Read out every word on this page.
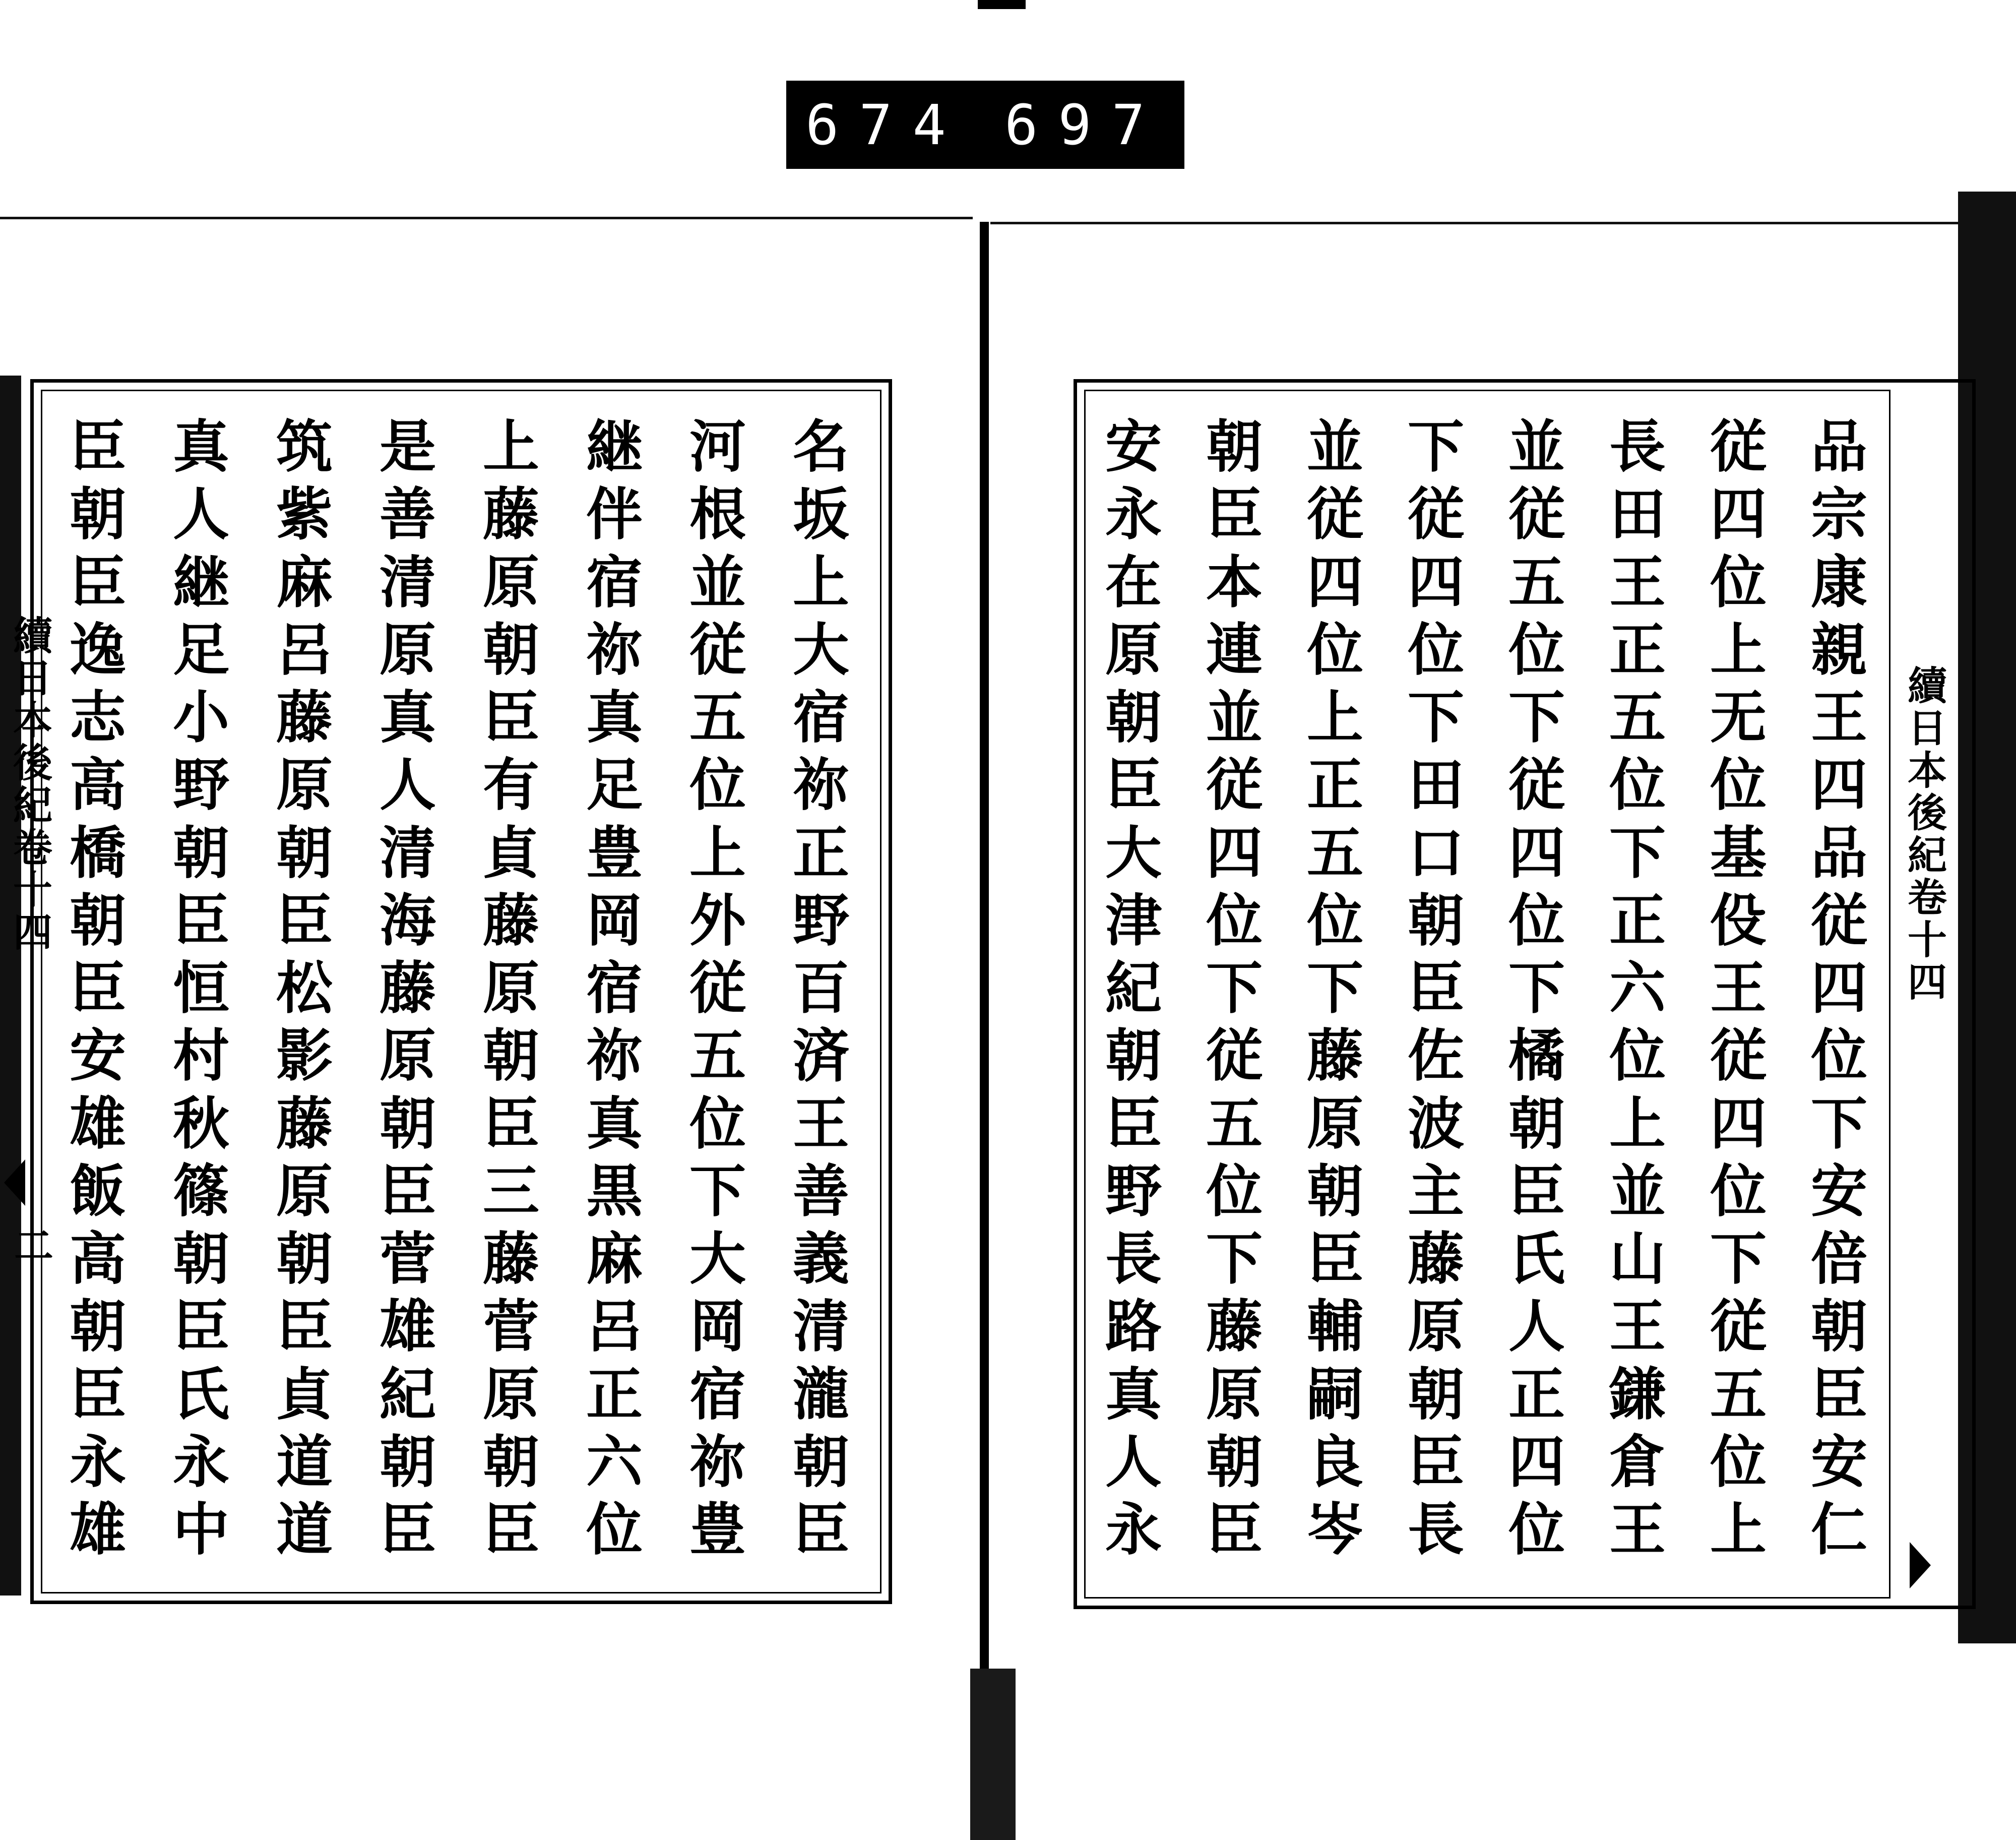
674 697
名
坂
上
大
宿
祢
正
野
百
済
王
善
義
清
瀧
朝
臣
河
根
並
従
五
位
上
外
従
五
位
下
大
岡
宿
祢
豊
継
伴
宿
祢
真
足
豊
岡
宿
祢
真
黒
麻
呂
正
六
位
上
藤
原
朝
臣
有
貞
藤
原
朝
臣
三
藤
菅
原
朝
臣
是
善
清
原
真
人
清
海
藤
原
朝
臣
菅
雄
紀
朝
臣
筑
紫
麻
呂
藤
原
朝
臣
松
影
藤
原
朝
臣
貞
道
道
真
人
継
足
小
野
朝
臣
恒
村
秋
篠
朝
臣
氏
永
中
臣
朝
臣
逸
志
高
橋
朝
臣
安
雄
飯
高
朝
臣
永
雄
續日本後紀卷十四
二
品
宗
康
親
王
四
品
従
四
位
下
安
倍
朝
臣
安
仁
従
四
位
上
无
位
基
伇
王
従
四
位
下
従
五
位
上
長
田
王
正
五
位
下
正
六
位
上
並
山
王
鎌
倉
王
並
従
五
位
下
従
四
位
下
橘
朝
臣
氏
人
正
四
位
下
従
四
位
下
田
口
朝
臣
佐
波
主
藤
原
朝
臣
長
並
従
四
位
上
正
五
位
下
藤
原
朝
臣
輔
嗣
良
岑
朝
臣
本
連
並
従
四
位
下
従
五
位
下
藤
原
朝
臣
安
永
在
原
朝
臣
大
津
紀
朝
臣
野
長
路
真
人
永
續日本後紀卷十四
